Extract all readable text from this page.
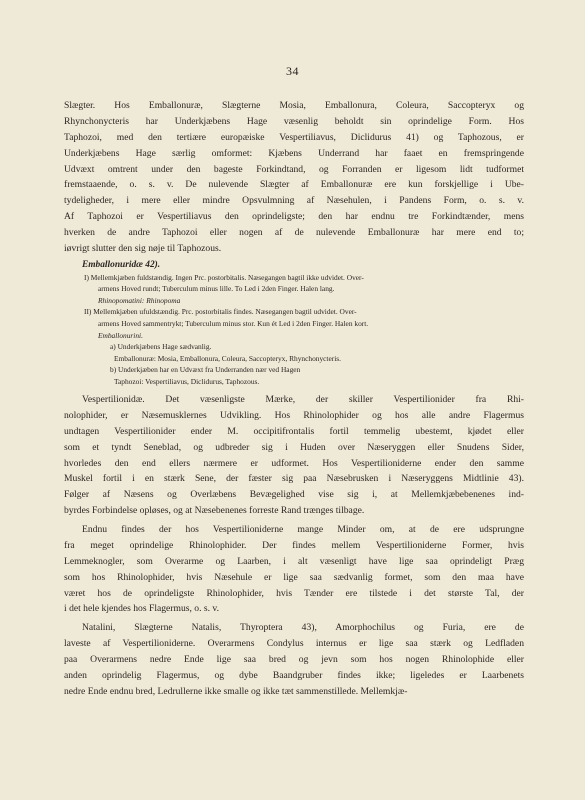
34
Slægter. Hos Emballonuræ, Slægterne Mosia, Emballonura, Coleura, Saccopteryx og
Rhynchonycteris har Underkjæbens Hage væsenlig beholdt sin oprindelige Form. Hos
Taphozoi, med den tertiære europæiske Vespertiliavus, Diclidurus 41) og Taphozous, er
Underkjæbens Hage særlig omformet: Kjæbens Underrand har faaet en fremspringende
Udvæxt omtrent under den bageste Forkindtand, og Forranden er ligesom lidt tudformet
fremstaaende, o. s. v. De nulevende Slægter af Emballonuræ ere kun forskjellige i Ube-
tydeligheder, i mere eller mindre Opsvulmning af Næsehulen, i Pandens Form, o. s. v.
Af Taphozoi er Vespertiliavus den oprindeligste; den har endnu tre Forkindtænder, mens
hverken de andre Taphozoi eller nogen af de nulevende Emballonuræ har mere end to;
iøvrigt slutter den sig nøje til Taphozous.
Emballonuridæ 42).
I) Mellemkjæben fuldstændig. Ingen Prc. postorbitalis. Næsegangen bagtil ikke udvidet. Over-
armens Hoved rundt; Tuberculum minus lille. To Led i 2den Finger. Halen lang.
Rhinopomatini: Rhinopoma
II) Mellemkjæben ufuldstændig. Prc. postorbitalis findes. Næsegangen bagtil udvidet. Over-
armens Hoved sammentrykt; Tuberculum minus stor. Kun ét Led i 2den Finger. Halen kort.
Emballonurini.
a) Underkjæbens Hage sædvanlig.
Emballonuræ: Mosia, Emballonura, Coleura, Saccopteryx, Rhynchonycteris.
b) Underkjæben har en Udvæxt fra Underranden nær ved Hagen
Taphozoi: Vespertiliavus, Diclidurus, Taphozous.
Vespertilionidæ. Det væsenligste Mærke, der skiller Vespertilionider fra Rhi-
nolophider, er Næsemusklernes Udvikling. Hos Rhinolophider og hos alle andre Flagermus
undtagen Vespertilionider ender M. occipitifrontalis fortil temmelig ubestemt, kjødet eller
som et tyndt Seneblad, og udbreder sig i Huden over Næseryggen eller Snudens Sider,
hvorledes den end ellers nærmere er udformet. Hos Vespertilioniderne ender den samme
Muskel fortil i en stærk Sene, der fæster sig paa Næsebrusken i Næseryggens Midtlinie 43).
Følger af Næsens og Overlæbens Bevægelighed vise sig i, at Mellemkjæbebenenes ind-
byrdes Forbindelse opløses, og at Næsebenenes forreste Rand trænges tilbage.
Endnu findes der hos Vespertilioniderne mange Minder om, at de ere udsprungne
fra meget oprindelige Rhinolophider. Der findes mellem Vespertilioniderne Former, hvis
Lemmeknogler, som Overarme og Laarben, i alt væsenligt have lige saa oprindeligt Præg
som hos Rhinolophider, hvis Næsehule er lige saa sædvanlig formet, som den maa have
været hos de oprindeligste Rhinolophider, hvis Tænder ere tilstede i det største Tal, der
i det hele kjendes hos Flagermus, o. s. v.
Natalini, Slægterne Natalis, Thyroptera 43), Amorphochilus og Furia, ere de
laveste af Vespertilioniderne. Overarmens Condylus internus er lige saa stærk og Ledfladen
paa Overarmens nedre Ende lige saa bred og jevn som hos nogen Rhinolophide eller
anden oprindelig Flagermus, og dybe Baandgruber findes ikke; ligeledes er Laarbenets
nedre Ende endnu bred, Ledrullerne ikke smalle og ikke tæt sammenstillede. Mellemkjæ-
